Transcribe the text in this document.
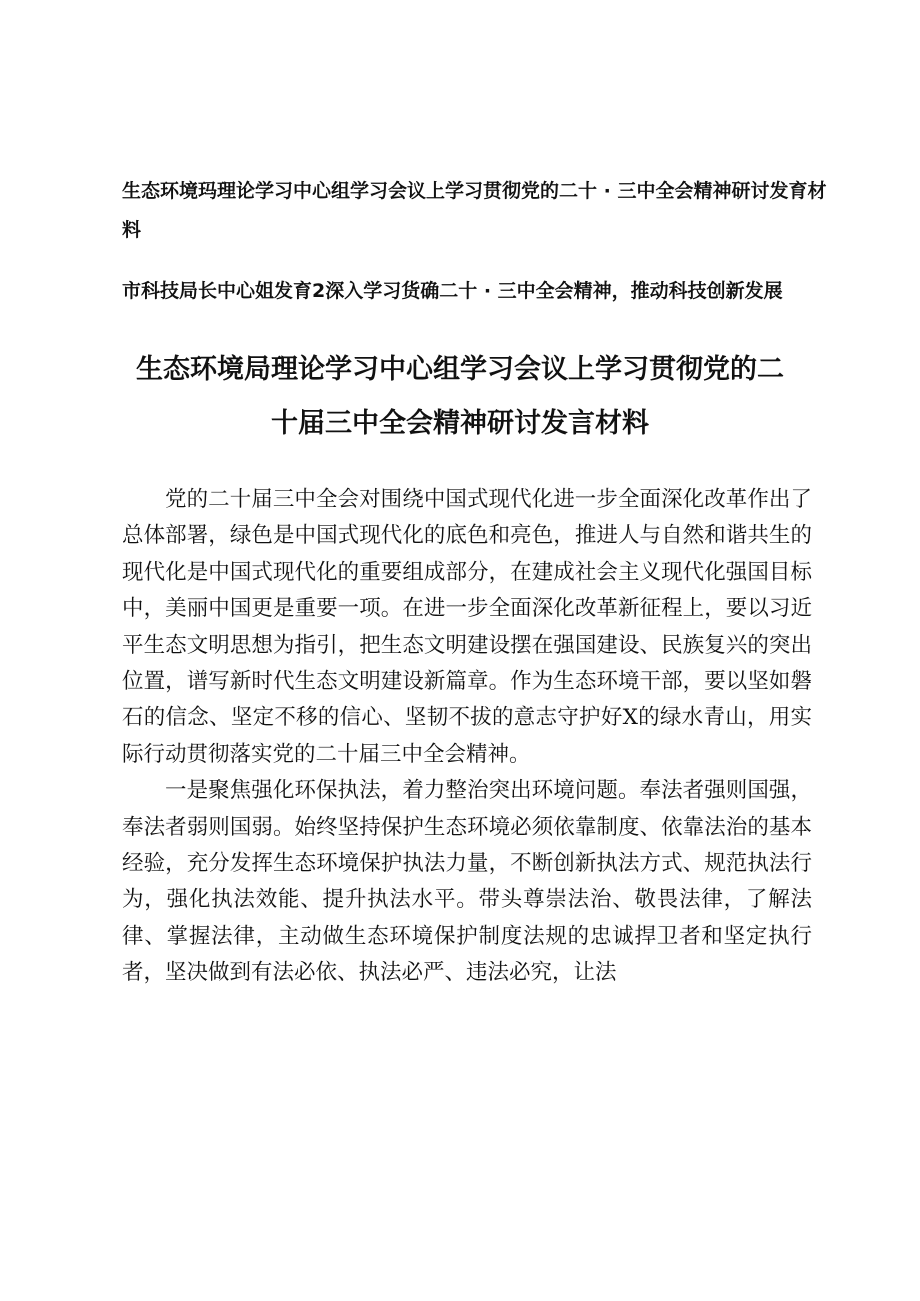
生态环境玛理论学习中心组学习会议上学习贯彻党的二十 · 三中全会精神研讨发育材
料
市科技局长中心姐发育2深入学习货确二十 · 三中全会精神，推动科技创新发展
生态环境局理论学习中心组学习会议上学习贯彻党的二
十届三中全会精神研讨发言材料

党的二十届三中全会对围绕中国式现代化进一步全面深化改革作出了总体部署，绿色是中国式现代化的底色和亮色，推进人与自然和谐共生的现代化是中国式现代化的重要组成部分，在建成社会主义现代化强国目标中，美丽中国更是重要一项。在进一步全面深化改革新征程上，要以习近平生态文明思想为指引，把生态文明建设摆在强国建设、民族复兴的突出位置，谱写新时代生态文明建设新篇章。作为生态环境干部，要以坚如磐石的信念、坚定不移的信心、坚韧不拔的意志守护好X的绿水青山，用实际行动贯彻落实党的二十届三中全会精神。

一是聚焦强化环保执法，着力整治突出环境问题。奉法者强则国强，奉法者弱则国弱。始终坚持保护生态环境必须依靠制度、依靠法治的基本经验，充分发挥生态环境保护执法力量，不断创新执法方式、规范执法行为，强化执法效能、提升执法水平。带头尊崇法治、敬畏法律，了解法律、掌握法律，主动做生态环境保护制度法规的忠诚捍卫者和坚定执行者，坚决做到有法必依、执法必严、违法必究，让法
